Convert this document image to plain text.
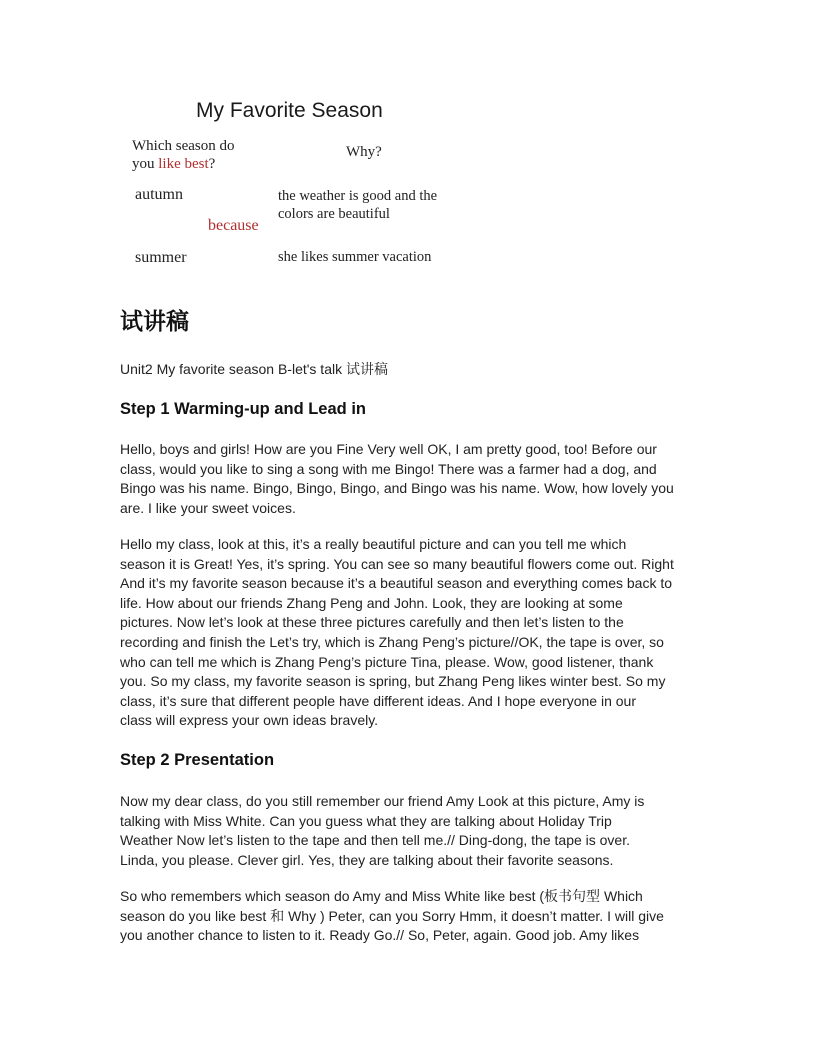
My Favorite Season
Which season do
you like best?
Why?
autumn
because
the weather is good and the
colors are beautiful
summer	she likes summer vacation
试讲稿
Unit2 My favorite season B-let's talk 试讲稿
Step 1 Warming-up and Lead in
Hello, boys and girls! How are you Fine Very well OK, I am pretty good, too! Before our
class, would you like to sing a song with me Bingo! There was a farmer had a dog, and
Bingo was his name. Bingo, Bingo, Bingo, and Bingo was his name. Wow, how lovely you
are. I like your sweet voices.
Hello my class, look at this, it’s a really beautiful picture and can you tell me which
season it is Great! Yes, it’s spring. You can see so many beautiful flowers come out. Right
And it’s my favorite season because it’s a beautiful season and everything comes back to
life. How about our friends Zhang Peng and John. Look, they are looking at some
pictures. Now let’s look at these three pictures carefully and then let’s listen to the
recording and finish the Let’s try, which is Zhang Peng’s picture//OK, the tape is over, so
who can tell me which is Zhang Peng’s picture Tina, please. Wow, good listener, thank
you. So my class, my favorite season is spring, but Zhang Peng likes winter best. So my
class, it’s sure that different people have different ideas. And I hope everyone in our
class will express your own ideas bravely.
Step 2 Presentation
Now my dear class, do you still remember our friend Amy Look at this picture, Amy is
talking with Miss White. Can you guess what they are talking about Holiday Trip
Weather Now let’s listen to the tape and then tell me.// Ding-dong, the tape is over.
Linda, you please. Clever girl. Yes, they are talking about their favorite seasons.
So who remembers which season do Amy and Miss White like best (板书句型 Which
season do you like best 和 Why ) Peter, can you Sorry Hmm, it doesn’t matter. I will give
you another chance to listen to it. Ready Go.// So, Peter, again. Good job. Amy likes
